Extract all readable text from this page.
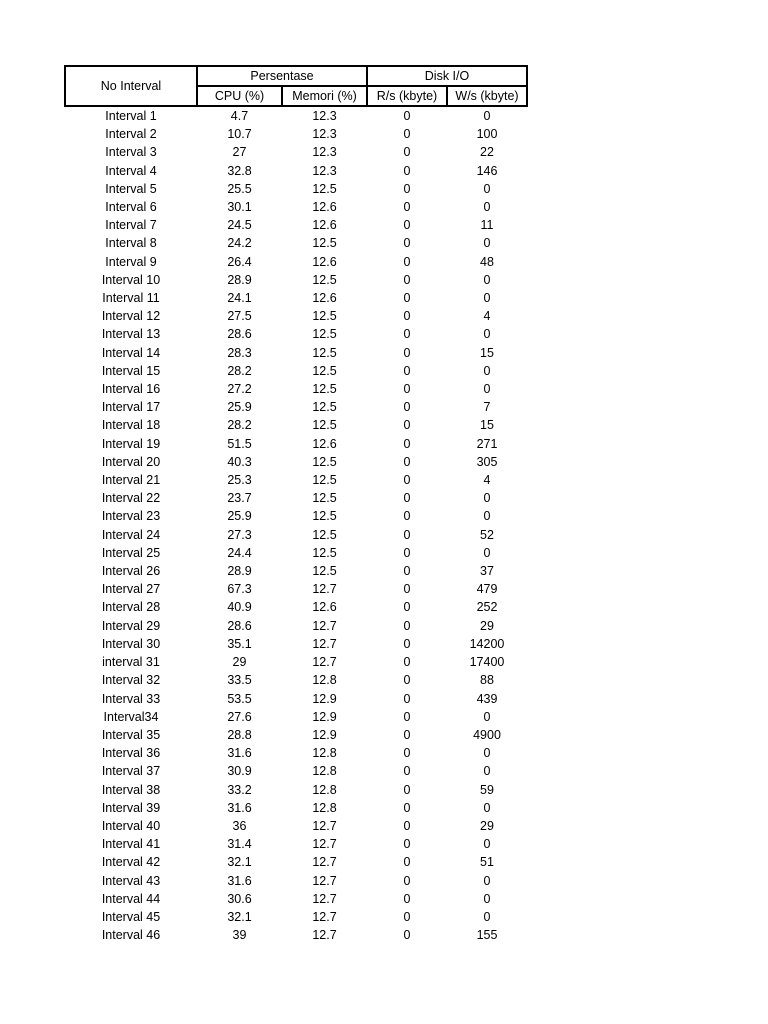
No Interval	Persentase		Disk I/O	
	CPU (%)	Memori (%)	R/s (kbyte)	W/s (kbyte)
Interval 1	4.7	12.3	0	0
Interval 2	10.7	12.3	0	100
Interval 3	27	12.3	0	22
Interval 4	32.8	12.3	0	146
Interval 5	25.5	12.5	0	0
Interval 6	30.1	12.6	0	0
Interval 7	24.5	12.6	0	11
Interval 8	24.2	12.5	0	0
Interval 9	26.4	12.6	0	48
Interval 10	28.9	12.5	0	0
Interval 11	24.1	12.6	0	0
Interval 12	27.5	12.5	0	4
Interval 13	28.6	12.5	0	0
Interval 14	28.3	12.5	0	15
Interval 15	28.2	12.5	0	0
Interval 16	27.2	12.5	0	0
Interval 17	25.9	12.5	0	7
Interval 18	28.2	12.5	0	15
Interval 19	51.5	12.6	0	271
Interval 20	40.3	12.5	0	305
Interval 21	25.3	12.5	0	4
Interval 22	23.7	12.5	0	0
Interval 23	25.9	12.5	0	0
Interval 24	27.3	12.5	0	52
Interval 25	24.4	12.5	0	0
Interval 26	28.9	12.5	0	37
Interval 27	67.3	12.7	0	479
Interval 28	40.9	12.6	0	252
Interval 29	28.6	12.7	0	29
Interval 30	35.1	12.7	0	14200
interval 31	29	12.7	0	17400
Interval 32	33.5	12.8	0	88
Interval 33	53.5	12.9	0	439
Interval34	27.6	12.9	0	0
Interval 35	28.8	12.9	0	4900
Interval 36	31.6	12.8	0	0
Interval 37	30.9	12.8	0	0
Interval 38	33.2	12.8	0	59
Interval 39	31.6	12.8	0	0
Interval 40	36	12.7	0	29
Interval 41	31.4	12.7	0	0
Interval 42	32.1	12.7	0	51
Interval 43	31.6	12.7	0	0
Interval 44	30.6	12.7	0	0
Interval 45	32.1	12.7	0	0
Interval 46	39	12.7	0	155
